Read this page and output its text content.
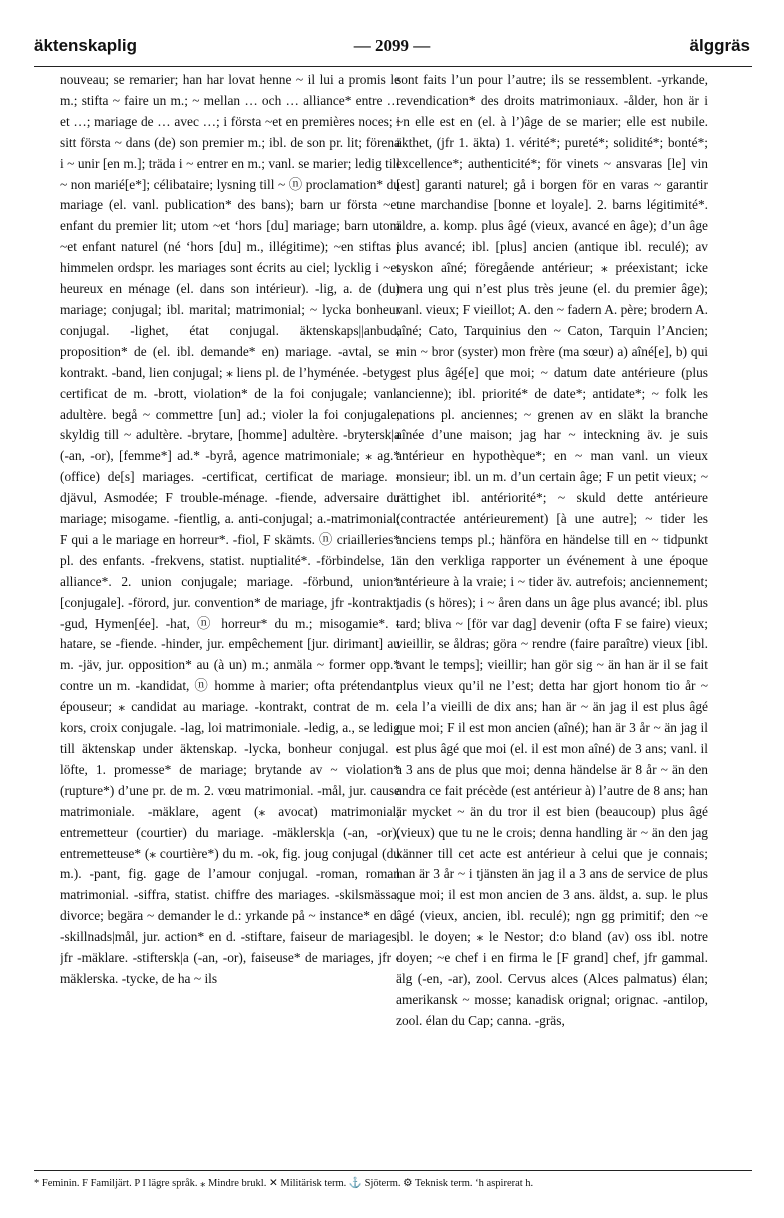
äktenskaplig	— 2099 —	älggräs

nouveau; se remarier; han har lovat henne ~ il lui a promis le m.; stifta ~ faire un m.; ~ mellan … och … alliance* entre … et …; mariage de … avec …; i första ~et en premières noces; i sitt första ~ dans (de) son premier m.; ibl. de son pr. lit; förena i ~ unir [en m.]; träda i ~ entrer en m.; vanl. se marier; ledig till ~ non marié[e*]; célibataire; lysning till ~ ⓝ proclamation* du mariage (el. vanl. publication* des bans); barn ur första ~et enfant du premier lit; utom ~et ‘hors [du] mariage; barn utom ~et enfant naturel (né ‘hors [du] m., illégitime); ~en stiftas i himmelen ordspr. les mariages sont écrits au ciel; lycklig i ~et heureux en ménage (el. dans son intérieur). -lig, a. de (du) mariage; conjugal; ibl. marital; matrimonial; ~ lycka bonheur conjugal. -lighet, état conjugal. äktenskaps||anbud, proposition* de (el. ibl. demande* en) mariage. -avtal, se -kontrakt. -band, lien conjugal; ⁎ liens pl. de l’hyménée. -betyg, certificat de m. -brott, violation* de la foi conjugale; vanl. adultère. begå ~ commettre [un] ad.; violer la foi conjugale; skyldig till ~ adultère. -brytare, [homme] adultère. -brytersk|a (-an, -or), [femme*] ad.* -byrå, agence matrimoniale; ⁎ ag.* (office) de[s] mariages. -certificat, certificat de mariage. -djävul, Asmodée; F trouble-ménage. -fiende, adversaire du mariage; misogame. -fientlig, a. anti-conjugal; a.-matrimonial; F qui a le mariage en horreur*. -fiol, F skämts. ⓝ criailleries* pl. des enfants. -frekvens, statist. nuptialité*. -förbindelse, 1. alliance*. 2. union conjugale; mariage. -förbund, union* [conjugale]. -förord, jur. convention* de mariage, jfr -kontrakt. -gud, Hymen[ée]. -hat, ⓝ horreur* du m.; misogamie*. -hatare, se -fiende. -hinder, jur. empêchement [jur. dirimant] au m. -jäv, jur. opposition* au (à un) m.; anmäla ~ former opp.* contre un m. -kandidat, ⓝ homme à marier; ofta prétendant; épouseur; ⁎ candidat au mariage. -kontrakt, contrat de m. -kors, croix conjugale. -lag, loi matrimoniale. -ledig, a., se ledig till äktenskap under äktenskap. -lycka, bonheur conjugal. -löfte, 1. promesse* de mariage; brytande av ~ violation* (rupture*) d’une pr. de m. 2. vœu matrimonial. -mål, jur. cause matrimoniale. -mäklare, agent (⁎ avocat) matrimonial; entremetteur (courtier) du mariage. -mäklersk|a (-an, -or), entremetteuse* (⁎ courtière*) du m. -ok, fig. joug conjugal (du m.). -pant, fig. gage de l’amour conjugal. -roman, roman matrimonial. -siffra, statist. chiffre des mariages. -skilsmässa, divorce; begära ~ demander le d.: yrkande på ~ instance* en d. -skillnads|mål, jur. action* en d. -stiftare, faiseur de mariages, jfr -mäklare. -stiftersk|a (-an, -or), faiseuse* de mariages, jfr -mäklerska. -tycke, de ha ~ ils

sont faits l’un pour l’autre; ils se ressemblent. -yrkande, revendication* des droits matrimoniaux. -ålder, hon är i ~n elle est en (el. à l’)âge de se marier; elle est nubile. äkthet, (jfr 1. äkta) 1. vérité*; pureté*; solidité*; bonté*; excellence*; authenticité*; för vinets ~ ansvaras [le] vin [est] garanti naturel; gå i borgen för en varas ~ garantir une marchandise [bonne et loyale]. 2. barns légitimité*. äldre, a. komp. plus âgé (vieux, avancé en âge); d’un âge plus avancé; ibl. [plus] ancien (antique ibl. reculé); av syskon aîné; föregående antérieur; ⁎ préexistant; icke mera ung qui n’est plus très jeune (el. du premier âge); vanl. vieux; F vieillot; A. den ~ fadern A. père; brodern A. aîné; Cato, Tarquinius den ~ Caton, Tarquin l’Ancien; min ~ bror (syster) mon frère (ma sœur) a) aîné[e], b) qui est plus âgé[e] que moi; ~ datum date antérieure (plus ancienne); ibl. priorité* de date*; antidate*; ~ folk les nations pl. anciennes; ~ grenen av en släkt la branche aînée d’une maison; jag har ~ inteckning äv. je suis antérieur en hypothèque*; en ~ man vanl. un vieux monsieur; ibl. un m. d’un certain âge; F un petit vieux; ~ rättighet ibl. antériorité*; ~ skuld dette antérieure (contractée antérieurement) [à une autre]; ~ tider les anciens temps pl.; hänföra en händelse till en ~ tidpunkt än den verkliga rapporter un événement à une époque antérieure à la vraie; i ~ tider äv. autrefois; anciennement; jadis (s höres); i ~ åren dans un âge plus avancé; ibl. plus tard; bliva ~ [för var dag] devenir (ofta F se faire) vieux; vieillir, se åldras; göra ~ rendre (faire paraître) vieux [ibl. avant le temps]; vieillir; han gör sig ~ än han är il se fait plus vieux qu’il ne l’est; detta har gjort honom tio år ~ cela l’a vieilli de dix ans; han är ~ än jag il est plus âgé que moi; F il est mon ancien (aîné); han är 3 år ~ än jag il est plus âgé que moi (el. il est mon aîné) de 3 ans; vanl. il a 3 ans de plus que moi; denna händelse är 8 år ~ än den andra ce fait précède (est antérieur à) l’autre de 8 ans; han är mycket ~ än du tror il est bien (beaucoup) plus âgé (vieux) que tu ne le crois; denna handling är ~ än den jag känner till cet acte est antérieur à celui que je connais; han är 3 år ~ i tjänsten än jag il a 3 ans de service de plus que moi; il est mon ancien de 3 ans. äldst, a. sup. le plus âgé (vieux, ancien, ibl. reculé); ngn gg primitif; den ~e ibl. le doyen; ⁎ le Nestor; d:o bland (av) oss ibl. notre doyen; ~e chef i en firma le [F grand] chef, jfr gammal. älg (-en, -ar), zool. Cervus alces (Alces palmatus) élan; amerikansk ~ mosse; kanadisk orignal; orignac. -antilop, zool. élan du Cap; canna. -gräs,

* Feminin. F Familjärt. P I lägre språk. ⁎ Mindre brukl. ✕ Militärisk term. ⚓ Sjöterm. ⚙ Teknisk term. ‘h aspirerat h.
